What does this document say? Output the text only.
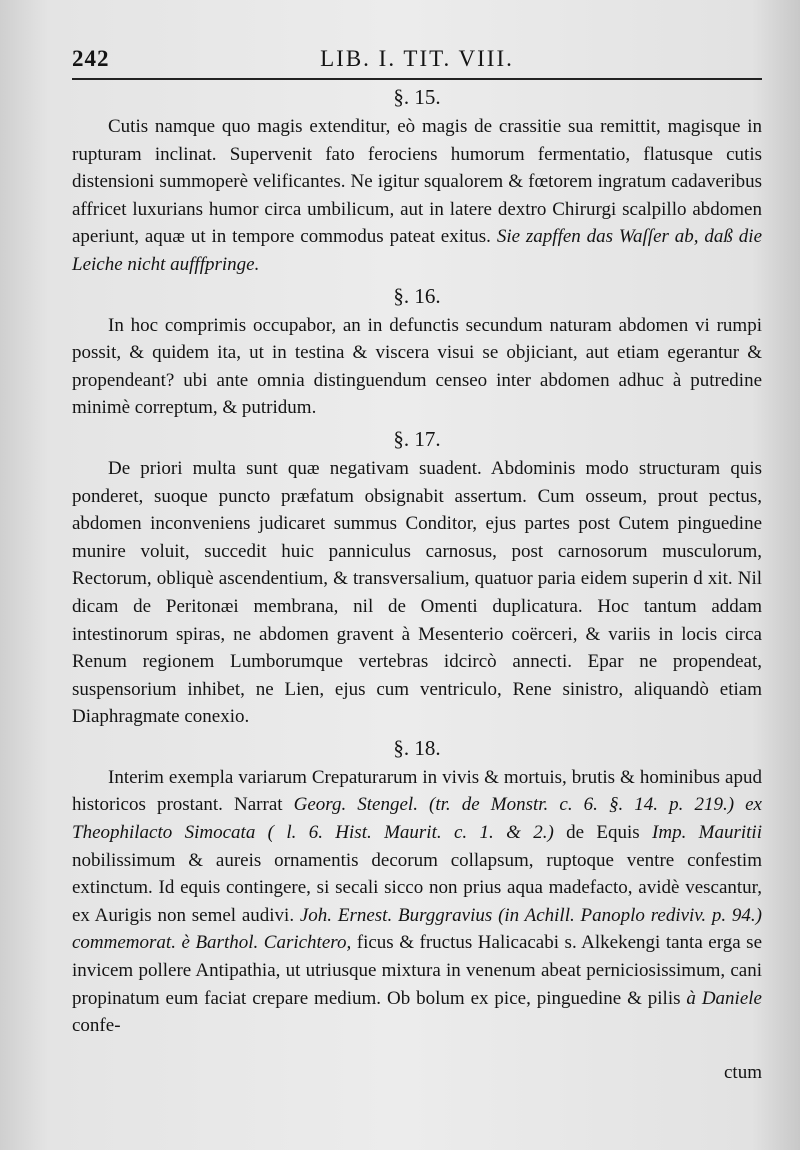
242	LIB. I. TIT. VIII.
§. 15.

Cutis namque quo magis extenditur, eò magis de crassitie sua remittit, magisque in rupturam inclinat. Supervenit fato ferociens humorum fermentatio, flatusque cutis distensioni summoperè velificantes. Ne igitur squalorem & fœtorem ingratum cadaveribus affricet luxurians humor circa umbilicum, aut in latere dextro Chirurgi scalpillo abdomen aperiunt, aquæ ut in tempore commodus pateat exitus. Sie zapffen das Waſſer ab, daß die Leiche nicht aufffpringe.

§. 16.

In hoc comprimis occupabor, an in defunctis secundum naturam abdomen vi rumpi possit, & quidem ita, ut in testina & viscera visui se objiciant, aut etiam egerantur & propendeant? ubi ante omnia distinguendum censeo inter abdomen adhuc à putredine minimè correptum, & putridum.

§. 17.

De priori multa sunt quæ negativam suadent. Abdominis modo structuram quis ponderet, suoque puncto præfatum obsignabit assertum. Cum osseum, prout pectus, abdomen inconveniens judicaret summus Conditor, ejus partes post Cutem pinguedine munire voluit, succedit huic panniculus carnosus, post carnosorum musculorum, Rectorum, obliquè ascendentium, & transversalium, quatuor paria eidem superin d xit. Nil dicam de Peritonæi membrana, nil de Omenti duplicatura. Hoc tantum addam intestinorum spiras, ne abdomen gravent à Mesenterio coërceri, & variis in locis circa Renum regionem Lumborumque vertebras idcircò annecti. Epar ne propendeat, suspensorium inhibet, ne Lien, ejus cum ventriculo, Rene sinistro, aliquandò etiam Diaphragmate conexio.

§. 18.

Interim exempla variarum Crepaturarum in vivis & mortuis, brutis & hominibus apud historicos prostant. Narrat Georg. Stengel. (tr. de Monstr. c. 6. §. 14. p. 219.) ex Theophilacto Simocata ( l. 6. Hist. Maurit. c. 1. & 2.) de Equis Imp. Mauritii nobilissimum & aureis ornamentis decorum collapsum, ruptoque ventre confestim extinctum. Id equis contingere, si secali sicco non prius aqua madefacto, avidè vescantur, ex Aurigis non semel audivi. Joh. Ernest. Burggravius (in Achill. Panoplo rediviv. p. 94.) commemorat. è Barthol. Carichtero, ficus & fructus Halicacabi s. Alkekengi tanta erga se invicem pollere Antipathia, ut utriusque mixtura in venenum abeat perniciosissimum, cani propinatum eum faciat crepare medium. Ob bolum ex pice, pinguedine & pilis à Daniele confe-

ctum
